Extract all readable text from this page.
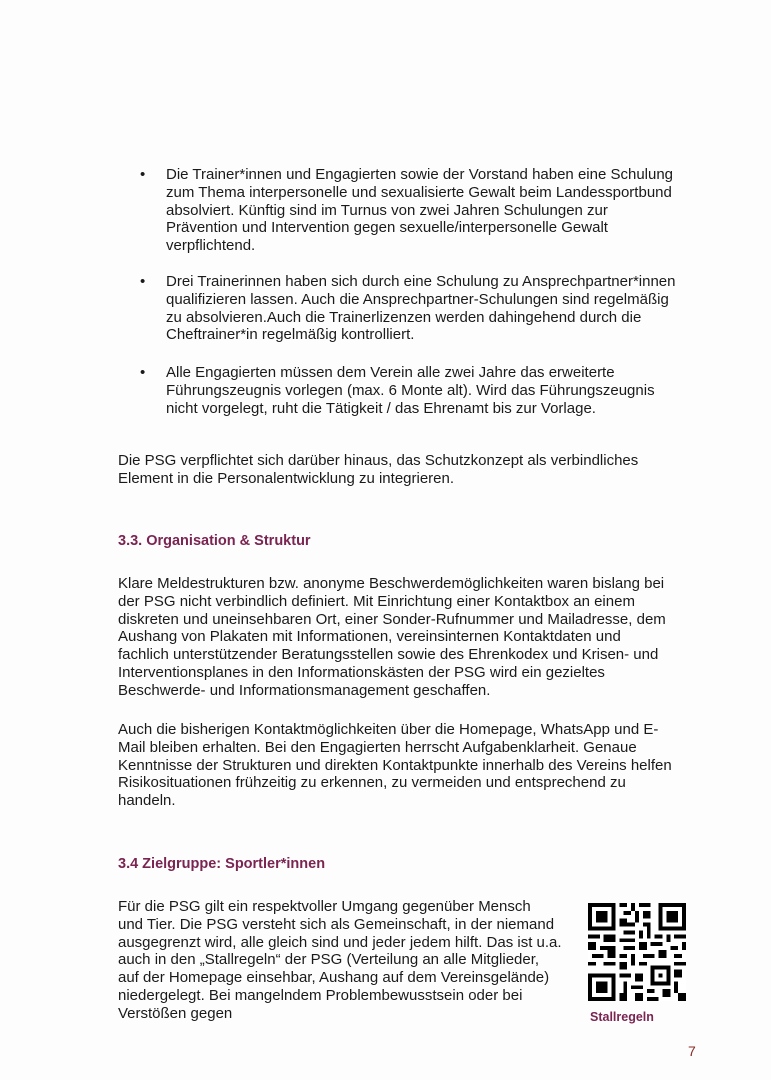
• Die Trainer*innen und Engagierten sowie der Vorstand haben eine Schulung
zum Thema interpersonelle und sexualisierte Gewalt beim Landessportbund
absolviert. Künftig sind im Turnus von zwei Jahren Schulungen zur
Prävention und Intervention gegen sexuelle/interpersonelle Gewalt
verpflichtend.
• Drei Trainerinnen haben sich durch eine Schulung zu Ansprechpartner*innen
qualifizieren lassen. Auch die Ansprechpartner-Schulungen sind regelmäßig
zu absolvieren.Auch die Trainerlizenzen werden dahingehend durch die
Cheftrainer*in regelmäßig kontrolliert.
• Alle Engagierten müssen dem Verein alle zwei Jahre das erweiterte
Führungszeugnis vorlegen (max. 6 Monte alt). Wird das Führungszeugnis
nicht vorgelegt, ruht die Tätigkeit / das Ehrenamt bis zur Vorlage.
Die PSG verpflichtet sich darüber hinaus, das Schutzkonzept als verbindliches
Element in die Personalentwicklung zu integrieren.
3.3. Organisation & Struktur
Klare Meldestrukturen bzw. anonyme Beschwerdemöglichkeiten waren bislang bei
der PSG nicht verbindlich definiert. Mit Einrichtung einer Kontaktbox an einem
diskreten und uneinsehbaren Ort, einer Sonder-Rufnummer und Mailadresse, dem
Aushang von Plakaten mit Informationen, vereinsinternen Kontaktdaten und
fachlich unterstützender Beratungsstellen sowie des Ehrenkodex und Krisen- und
Interventionsplanes in den Informationskästen der PSG wird ein gezieltes
Beschwerde- und Informationsmanagement geschaffen.
Auch die bisherigen Kontaktmöglichkeiten über die Homepage, WhatsApp und E-
Mail bleiben erhalten. Bei den Engagierten herrscht Aufgabenklarheit. Genaue
Kenntnisse der Strukturen und direkten Kontaktpunkte innerhalb des Vereins helfen
Risikosituationen frühzeitig zu erkennen, zu vermeiden und entsprechend zu
handeln.
3.4 Zielgruppe: Sportler*innen
Für die PSG gilt ein respektvoller Umgang gegenüber Mensch
und Tier. Die PSG versteht sich als Gemeinschaft, in der niemand
ausgegrenzt wird, alle gleich sind und jeder jedem hilft. Das ist u.a.
auch in den „Stallregeln“ der PSG (Verteilung an alle Mitglieder,
auf der Homepage einsehbar, Aushang auf dem Vereinsgelände)
niedergelegt. Bei mangelndem Problembewusstsein oder bei
Verstößen gegen	Stallregeln
7
